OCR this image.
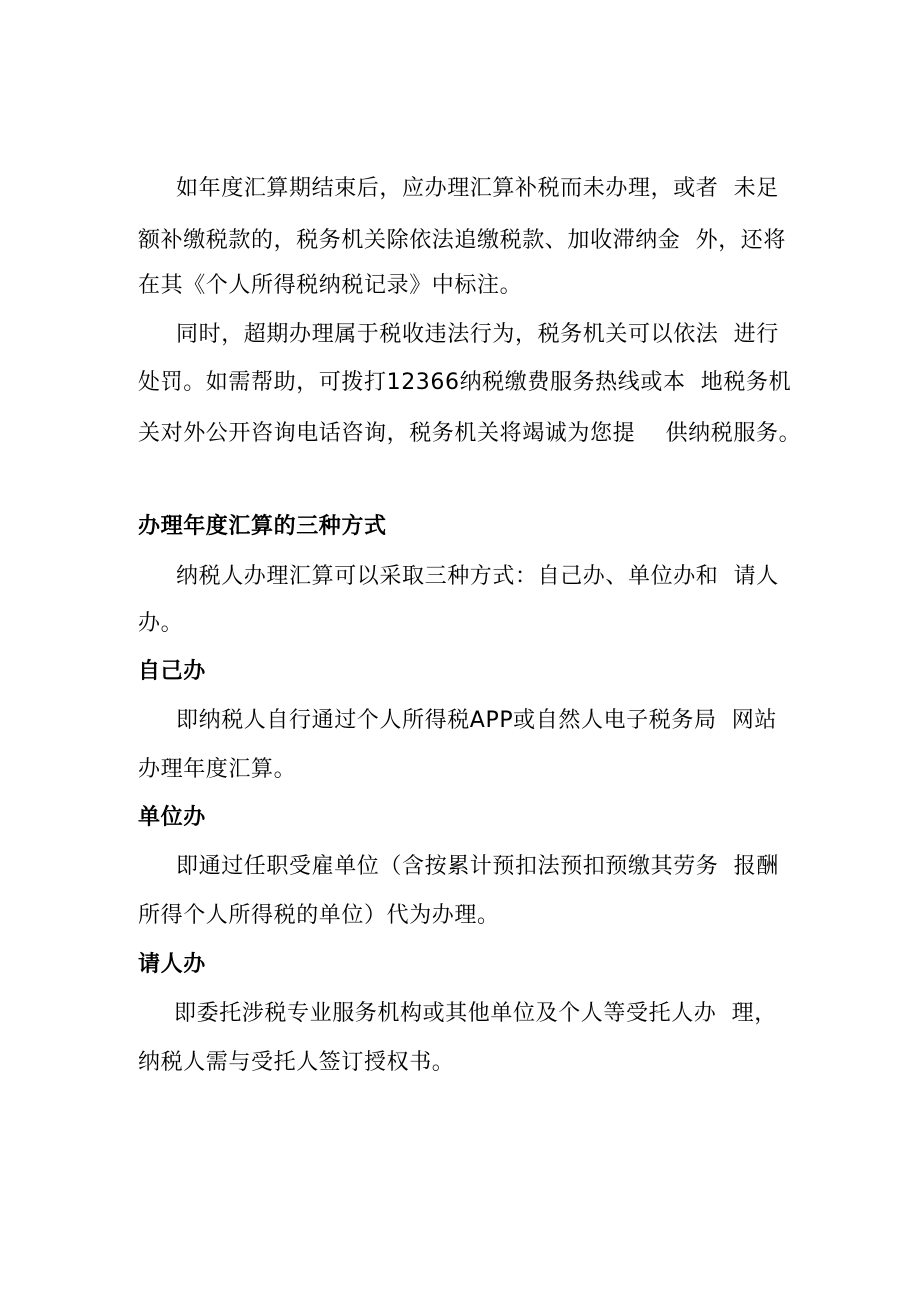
如年度汇算期结束后，应办理汇算补税而未办理，或者  未足
额补缴税款的，税务机关除依法追缴税款、加收滞纳金  外，还将
在其《个人所得税纳税记录》中标注。
同时，超期办理属于税收违法行为，税务机关可以依法  进行
处罚。如需帮助，可拨打12366纳税缴费服务热线或本  地税务机
关对外公开咨询电话咨询，税务机关将竭诚为您提    供纳税服务。
办理年度汇算的三种方式
纳税人办理汇算可以采取三种方式：自己办、单位办和  请人
办。
自己办
即纳税人自行通过个人所得税APP或自然人电子税务局  网站
办理年度汇算。
单位办
即通过任职受雇单位（含按累计预扣法预扣预缴其劳务  报酬
所得个人所得税的单位）代为办理。
请人办
即委托涉税专业服务机构或其他单位及个人等受托人办  理，
纳税人需与受托人签订授权书。
